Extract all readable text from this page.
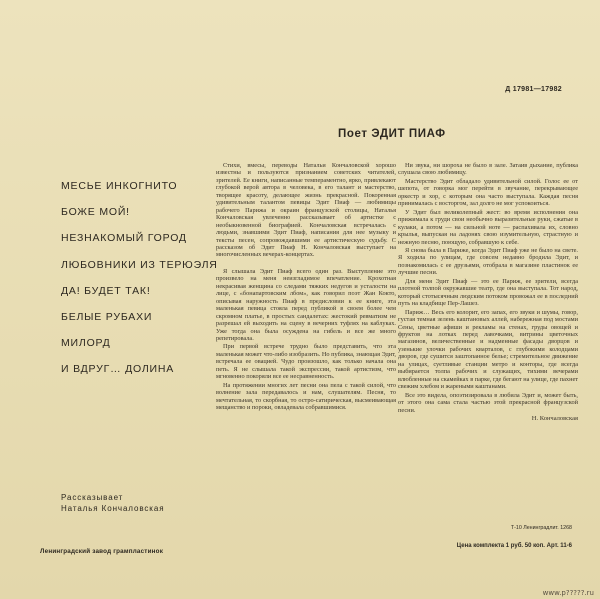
Д 17981—17982
Поет ЭДИТ ПИАФ
МЕСЬЕ ИНКОГНИТО
БОЖЕ МОЙ!
НЕЗНАКОМЫЙ ГОРОД
ЛЮБОВНИКИ ИЗ ТЕРЮЭЛЯ
ДА! БУДЕТ ТАК!
БЕЛЫЕ РУБАХИ
МИЛОРД
И ВДРУГ… ДОЛИНА
Рассказывает
Наталья Кончаловская

Стихи, вмесы, переводы Натальи Кончаловской хорошо известны и пользуются признанием советских читателей, зрителей. Ее книги, написанные темпераментно, ярко, привлекают глубокой верой автора в человека, в его талант и мастерство, творящее красоту, делающее жизнь прекрасной. Покоренная удивительным талантом певицы Эдит Пиаф — любимицы рабочего Парижа и окраин французской столицы, Наталья Кончаловская увлеченно рассказывает об артистке с необыкновенной биографией. Кончаловская встречалась с людьми, знавшими Эдит Пиаф, написания для нее музыку и тексты песен, сопровождавшими ее артистическую судьбу. С рассказом об Эдит Пиаф Н. Кончаловская выступает на многочисленных вечерах-концертах.

Я слышала Эдит Пиаф всего один раз. Выступление это произвело на меня неизгладимое впечатление. Крохотная некрасивая женщина со следами тяжких недугов и усталости на лице, с «бонапартовским лбом», как говорил поэт Жан Кокто, описывая наружность Пиаф в предисловии к ее книге, эта маленькая певица стояла перед публикой в своем более чем скромном платье, в простых сандалетах: жестокий ревматизм не разрешал ей выходить на сцену в вечерних туфлях на каблуках. Уже тогда она была осуждена на гибель и все же много репетировала.

При первой встрече трудно было представить, что эта маленькая может что-либо изобразить. Но публика, знающая Эдит, встречала ее овацией. Чудо произошло, как только начала она петь. Я не слышала такой экспрессии, такой артистизм, что мгновенно покоряли все ее несравненность.

На протяжении многих лет песни она пела с такой силой, что волнение зала передавалось и нам, слушателям. Песня, то мечтательная, то скорбная, то остро-сатирическая, высмеивающая мещанство и пороки, овладевала собравшимися.

Ни звука, ни шороха не было в зале. Затаив дыхание, публика слушала свою любимицу.

Мастерство Эдит обладало удивительной силой. Голос ее от шепота, от говорка мог перейти в звучание, перекрывающее оркестр и хор, с которым она часто выступала. Каждая песня принималась с восторгом, зал долго не мог успокоиться.

У Эдит был великолепный жест: во время исполнения она прижимала к груди свои необычно выразительные руки, сжатые в кулаки, а потом — на сильной ноте — распахивала их, словно крылья, выпуская на ладонях свою изумительную, страстную и нежную песню, поющую, собравшую к себе.

Я снова была в Париже, когда Эдит Пиаф уже не было на свете. Я ходила по улицам, где совсем недавно бродила Эдит, и познакомилась с ее друзьями, отобрала в магазине пластинок ее лучшие песни.

Для меня Эдит Пиаф — это ее Париж, ее зрители, всегда плотной толпой окружавшие театр, где она выступала. Тот народ, который стотысячным людским потоком провожал ее в последний путь на кладбище Пер-Лашез.

Париж… Весь его колорит, его запах, его звуки и шумы, говор, густая темная зелень каштановых аллей, набережная под мостами Сены, цветные афиши и рекламы на стенах, груды овощей и фруктов на лотках перед лавочками, витрины цветочных магазинов, величественные и надменные фасады дворцов и узенькие улочки рабочих кварталов, с глубокими колодцами дворов, где сушится заштопанное белье; стремительное движение на улицах, суетливые станции метро и конторы, где всегда выбирается толпа рабочих и служащих, тихими вечерами влюбленные на скамейках в парке, где бегают на улице, где пахнет свежим хлебом и жареными каштанами.

Все это видела, опоэтизировала в любила Эдит и, может быть, от этого она сама стала частью этой прекрасной французской песни.

Н. Кончаловская
Т-10 Ленинградлит. 1268
Цена комплекта 1 руб. 50 коп. Арт. 11-6
Ленинградский завод грампластинок
www.p?????.ru
